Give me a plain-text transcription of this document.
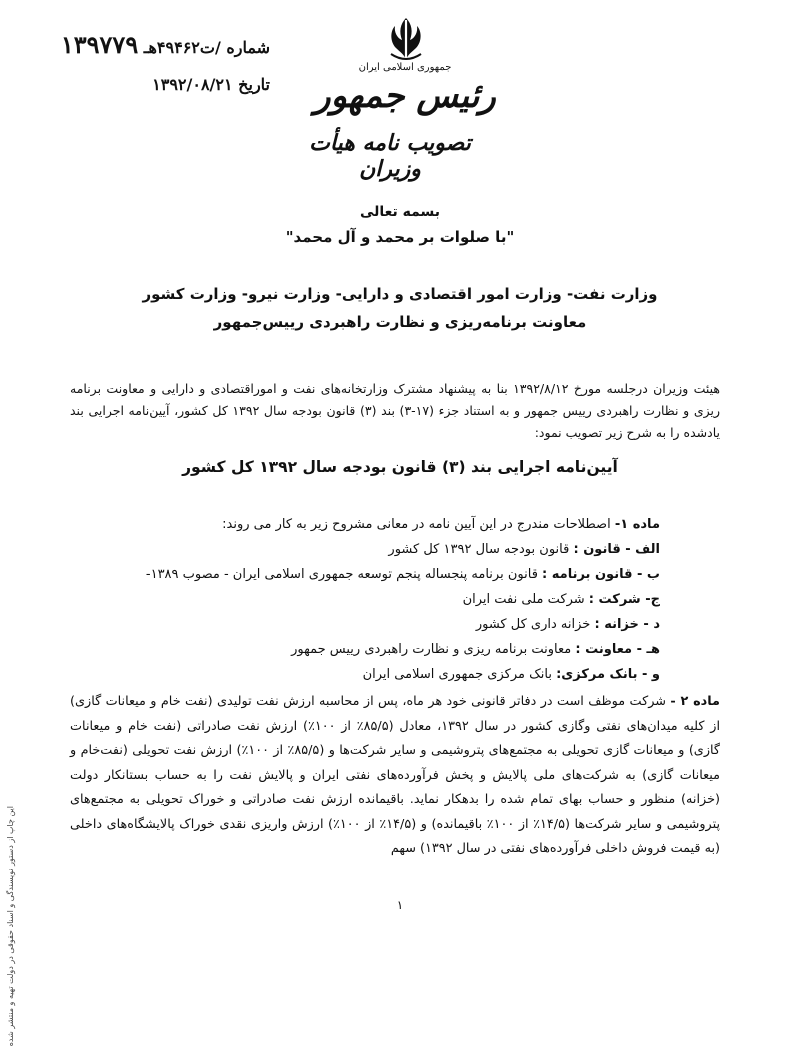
جمهوری اسلامی ایران
رئیس جمهور
تصویب نامه هیأت وزیران
شماره /ت۴۹۴۶۲هـ ۱۳۹۷۷۹
تاریخ ۱۳۹۲/۰۸/۲۱
بسمه تعالی
"با صلوات بر محمد و آل محمد"
وزارت نفت- وزارت امور اقتصادی و دارایی- وزارت نیرو- وزارت کشور
معاونت برنامه‌ریزی و نظارت راهبردی رییس‌جمهور
هیئت وزیران درجلسه مورخ ۱۳۹۲/۸/۱۲ بنا به پیشنهاد مشترک وزارتخانه‌های نفت و اموراقتصادی و دارایی و معاونت برنامه ریزی و نظارت راهبردی رییس جمهور و به استناد جزء (۱۷-۳) بند (۳) قانون بودجه سال ۱۳۹۲ کل کشور، آیین‌نامه اجرایی بند یادشده را به شرح زیر تصویب نمود:
آیین‌نامه اجرایی بند (۳) قانون بودجه سال ۱۳۹۲ کل کشور
ماده ۱- اصطلاحات مندرج در این آیین نامه در معانی مشروح زیر به کار می روند:
الف - قانون : قانون بودجه سال ۱۳۹۲ کل کشور
ب - قانون برنامه : قانون برنامه پنجساله پنجم توسعه جمهوری اسلامی ایران - مصوب ۱۳۸۹-
ج- شرکت : شرکت ملی نفت ایران
د - خزانه : خزانه داری کل کشور
هـ - معاونت : معاونت برنامه ریزی و نظارت راهبردی رییس جمهور
و - بانک مرکزی: بانک مرکزی جمهوری اسلامی ایران
ماده ۲ - شرکت موظف است در دفاتر قانونی خود هر ماه، پس از محاسبه ارزش نفت تولیدی (نفت خام و میعانات گازی) از کلیه میدان‌های نفتی وگازی کشور در سال ۱۳۹۲، معادل (۸۵/۵٪ از ۱۰۰٪) ارزش نفت صادراتی (نفت خام و میعانات گازی) و میعانات گازی تحویلی به مجتمع‌های پتروشیمی و سایر شرکت‌ها و (۸۵/۵٪ از ۱۰۰٪) ارزش نفت تحویلی (نفت‌خام و میعانات گازی) به شرکت‌های ملی پالایش و پخش فرآورده‌های نفتی ایران و پالایش نفت را به حساب بستانکار دولت (خزانه) منظور و حساب بهای تمام شده را بدهکار نماید. باقیمانده ارزش نفت صادراتی و خوراک تحویلی به مجتمع‌های پتروشیمی و سایر شرکت‌ها (۱۴/۵٪ از ۱۰۰٪ باقیمانده) و (۱۴/۵٪ از ۱۰۰٪) ارزش واریزی نقدی خوراک پالایشگاه‌های داخلی (به قیمت فروش داخلی فرآورده‌های نفتی در سال ۱۳۹۲) سهم
۱
این چاپ از دستور نویسندگی و اسناد حقوقی در دولت تهیه و منتشر شده
